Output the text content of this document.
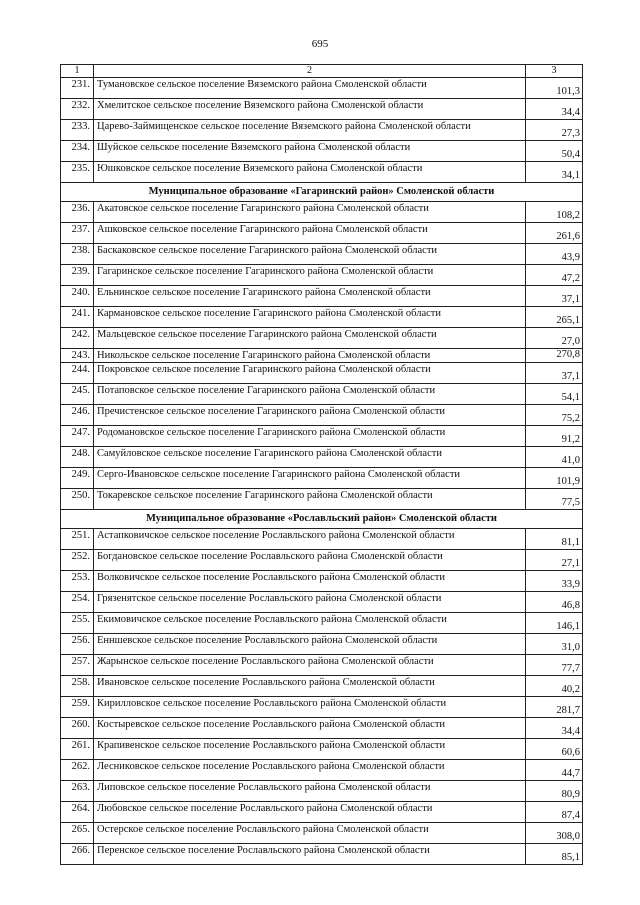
695
1	2	3
231.	Тумановское сельское поселение Вяземского района Смоленской области	101,3
232.	Хмелитское сельское поселение Вяземского района Смоленской области	34,4
233.	Царево-Займищенское сельское поселение Вяземского района Смоленской области	27,3
234.	Шуйское сельское поселение Вяземского района Смоленской области	50,4
235.	Юшковское сельское поселение Вяземского района Смоленской области	34,1
Муниципальное образование «Гагаринский район» Смоленской области		
236.	Акатовское сельское поселение Гагаринского района Смоленской области	108,2
237.	Ашковское сельское поселение Гагаринского района Смоленской области	261,6
238.	Баскаковское сельское поселение Гагаринского района Смоленской области	43,9
239.	Гагаринское сельское поселение Гагаринского района Смоленской области	47,2
240.	Ельнинское сельское поселение Гагаринского района Смоленской области	37,1
241.	Кармановское сельское поселение Гагаринского района Смоленской области	265,1
242.	Мальцевское сельское поселение Гагаринского района Смоленской области	27,0
243.	Никольское сельское поселение Гагаринского района Смоленской области	270,8
244.	Покровское сельское поселение Гагаринского района Смоленской области	37,1
245.	Потаповское сельское поселение Гагаринского района Смоленской области	54,1
246.	Пречистенское сельское поселение Гагаринского района Смоленской области	75,2
247.	Родомановское сельское поселение Гагаринского района Смоленской области	91,2
248.	Самуйловское сельское поселение Гагаринского района Смоленской области	41,0
249.	Серго-Ивановское сельское поселение Гагаринского района Смоленской области	101,9
250.	Токаревское сельское поселение Гагаринского района Смоленской области	77,5
Муниципальное образование «Рославльский район» Смоленской области		
251.	Астапковичское сельское поселение Рославльского района Смоленской области	81,1
252.	Богдановское сельское поселение Рославльского района Смоленской области	27,1
253.	Волковичское сельское поселение Рославльского района Смоленской области	33,9
254.	Грязенятское сельское поселение Рославльского района Смоленской области	46,8
255.	Екимовичское сельское поселение Рославльского района Смоленской области	146,1
256.	Енншевское сельское поселение Рославльского района Смоленской области	31,0
257.	Жарынское сельское поселение Рославльского района Смоленской области	77,7
258.	Ивановское сельское поселение Рославльского района Смоленской области	40,2
259.	Кирилловское сельское поселение Рославльского района Смоленской области	281,7
260.	Костыревское сельское поселение Рославльского района Смоленской области	34,4
261.	Крапивенское сельское поселение Рославльского района Смоленской области	60,6
262.	Лесниковское сельское поселение Рославльского района Смоленской области	44,7
263.	Липовское сельское поселение Рославльского района Смоленской области	80,9
264.	Любовское сельское поселение Рославльского района Смоленской области	87,4
265.	Остерское сельское поселение Рославльского района Смоленской области	308,0
266.	Перенское сельское поселение Рославльского района Смоленской области	85,1
